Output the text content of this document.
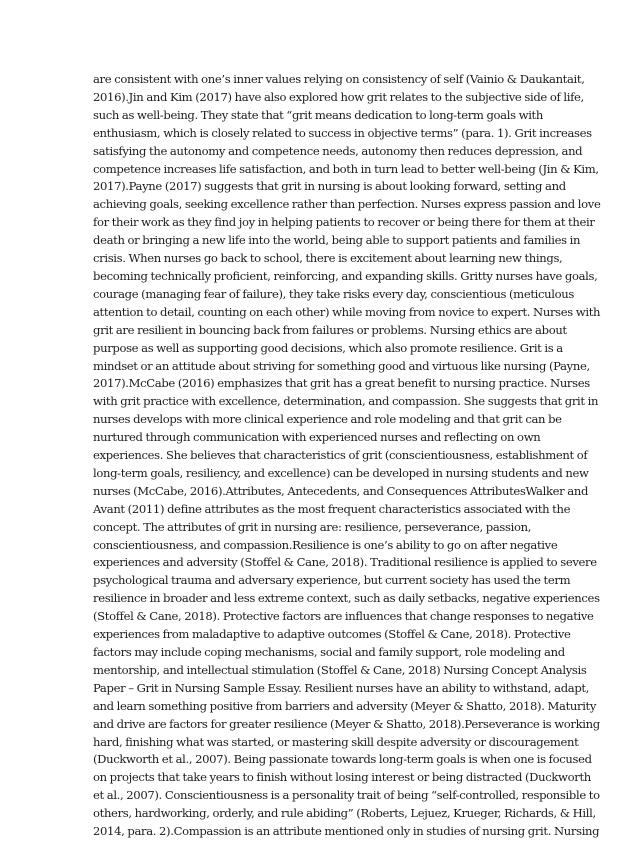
are consistent with one’s inner values relying on consistency of self (Vainio & Daukantait,
2016).Jin and Kim (2017) have also explored how grit relates to the subjective side of life,
such as well-being. They state that “grit means dedication to long-term goals with
enthusiasm, which is closely related to success in objective terms” (para. 1). Grit increases
satisfying the autonomy and competence needs, autonomy then reduces depression, and
competence increases life satisfaction, and both in turn lead to better well-being (Jin & Kim,
2017).Payne (2017) suggests that grit in nursing is about looking forward, setting and
achieving goals, seeking excellence rather than perfection. Nurses express passion and love
for their work as they find joy in helping patients to recover or being there for them at their
death or bringing a new life into the world, being able to support patients and families in
crisis. When nurses go back to school, there is excitement about learning new things,
becoming technically proficient, reinforcing, and expanding skills. Gritty nurses have goals,
courage (managing fear of failure), they take risks every day, conscientious (meticulous
attention to detail, counting on each other) while moving from novice to expert. Nurses with
grit are resilient in bouncing back from failures or problems. Nursing ethics are about
purpose as well as supporting good decisions, which also promote resilience. Grit is a
mindset or an attitude about striving for something good and virtuous like nursing (Payne,
2017).McCabe (2016) emphasizes that grit has a great benefit to nursing practice. Nurses
with grit practice with excellence, determination, and compassion. She suggests that grit in
nurses develops with more clinical experience and role modeling and that grit can be
nurtured through communication with experienced nurses and reflecting on own
experiences. She believes that characteristics of grit (conscientiousness, establishment of
long-term goals, resiliency, and excellence) can be developed in nursing students and new
nurses (McCabe, 2016).Attributes, Antecedents, and Consequences AttributesWalker and
Avant (2011) define attributes as the most frequent characteristics associated with the
concept. The attributes of grit in nursing are: resilience, perseverance, passion,
conscientiousness, and compassion.Resilience is one’s ability to go on after negative
experiences and adversity (Stoffel & Cane, 2018). Traditional resilience is applied to severe
psychological trauma and adversary experience, but current society has used the term
resilience in broader and less extreme context, such as daily setbacks, negative experiences
(Stoffel & Cane, 2018). Protective factors are influences that change responses to negative
experiences from maladaptive to adaptive outcomes (Stoffel & Cane, 2018). Protective
factors may include coping mechanisms, social and family support, role modeling and
mentorship, and intellectual stimulation (Stoffel & Cane, 2018) Nursing Concept Analysis
Paper – Grit in Nursing Sample Essay. Resilient nurses have an ability to withstand, adapt,
and learn something positive from barriers and adversity (Meyer & Shatto, 2018). Maturity
and drive are factors for greater resilience (Meyer & Shatto, 2018).Perseverance is working
hard, finishing what was started, or mastering skill despite adversity or discouragement
(Duckworth et al., 2007). Being passionate towards long-term goals is when one is focused
on projects that take years to finish without losing interest or being distracted (Duckworth
et al., 2007). Conscientiousness is a personality trait of being “self-controlled, responsible to
others, hardworking, orderly, and rule abiding” (Roberts, Lejuez, Krueger, Richards, & Hill,
2014, para. 2).Compassion is an attribute mentioned only in studies of nursing grit. Nursing
